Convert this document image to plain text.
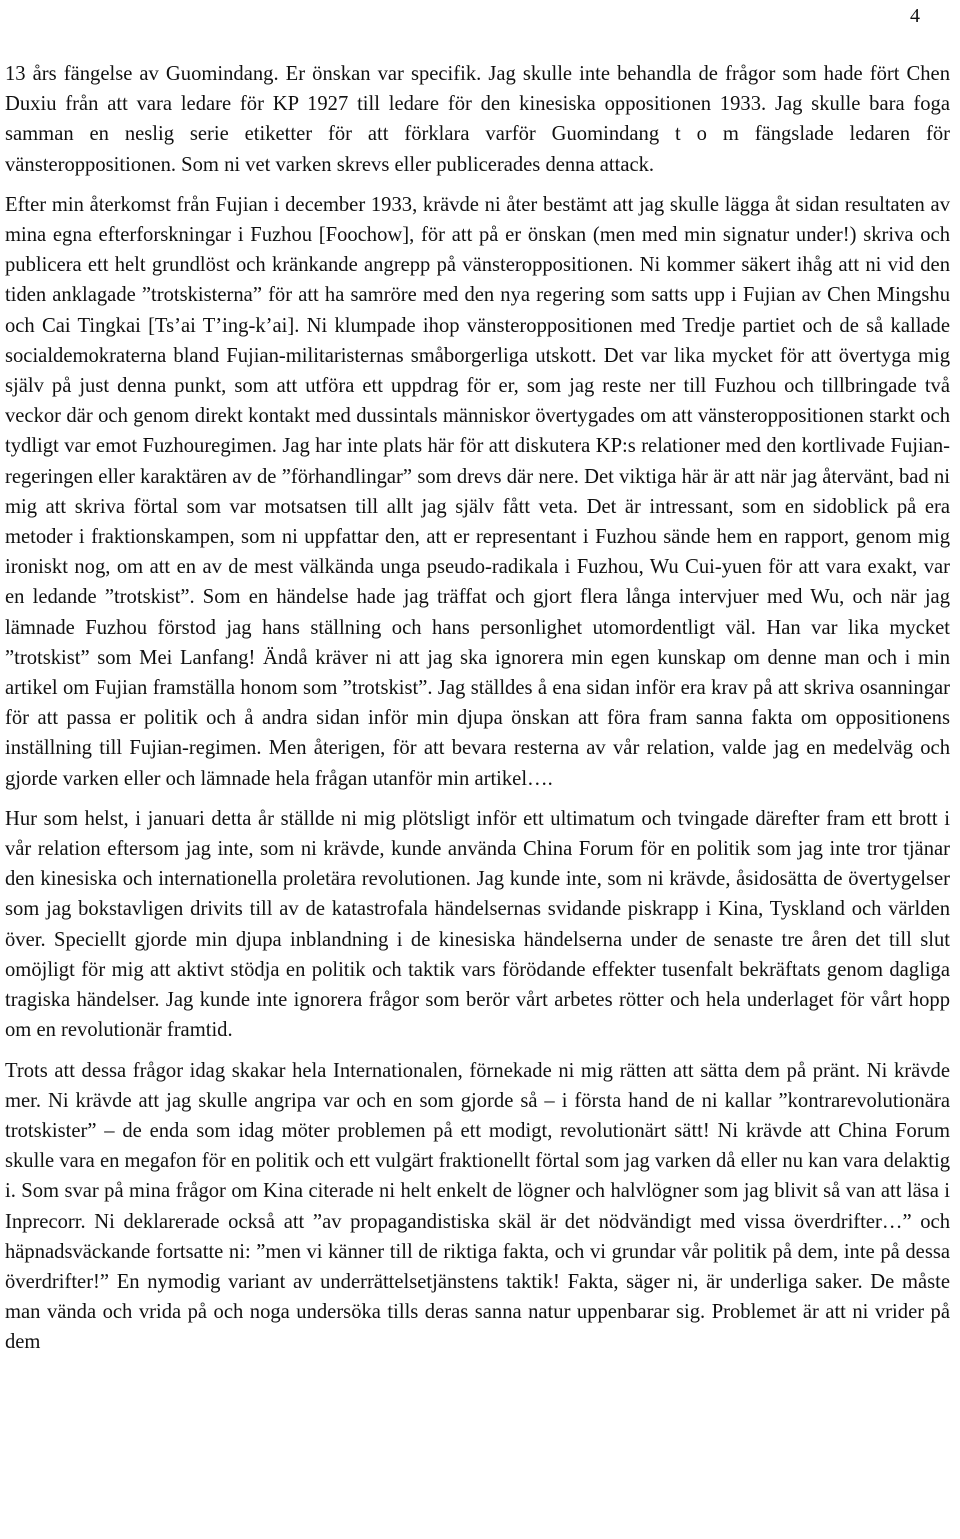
4

13 års fängelse av Guomindang. Er önskan var specifik. Jag skulle inte behandla de frågor som hade fört Chen Duxiu från att vara ledare för KP 1927 till ledare för den kinesiska oppositionen 1933. Jag skulle bara foga samman en neslig serie etiketter för att förklara varför Guomindang t o m fängslade ledaren för vänsteroppositionen. Som ni vet varken skrevs eller publicerades denna attack.

Efter min återkomst från Fujian i december 1933, krävde ni åter bestämt att jag skulle lägga åt sidan resultaten av mina egna efterforskningar i Fuzhou [Foochow], för att på er önskan (men med min signatur under!) skriva och publicera ett helt grundlöst och kränkande angrepp på vänsteroppositionen. Ni kommer säkert ihåg att ni vid den tiden anklagade ”trotskisterna” för att ha samröre med den nya regering som satts upp i Fujian av Chen Mingshu och Cai Tingkai [Ts’ai T’ing-k’ai]. Ni klumpade ihop vänsteroppositionen med Tredje partiet och de så kallade socialdemokraterna bland Fujian-militaristernas småborgerliga utskott. Det var lika mycket för att övertyga mig själv på just denna punkt, som att utföra ett uppdrag för er, som jag reste ner till Fuzhou och tillbringade två veckor där och genom direkt kontakt med dussintals människor övertygades om att vänsteroppositionen starkt och tydligt var emot Fuzhouregimen. Jag har inte plats här för att diskutera KP:s relationer med den kortlivade Fujianregeringen eller karaktären av de ”förhandlingar” som drevs där nere. Det viktiga här är att när jag återvänt, bad ni mig att skriva förtal som var motsatsen till allt jag själv fått veta. Det är intressant, som en sidoblick på era metoder i fraktionskampen, som ni uppfattar den, att er representant i Fuzhou sände hem en rapport, genom mig ironiskt nog, om att en av de mest välkända unga pseudo-radikala i Fuzhou, Wu Cui-yuen för att vara exakt, var en ledande ”trotskist”. Som en händelse hade jag träffat och gjort flera långa intervjuer med Wu, och när jag lämnade Fuzhou förstod jag hans ställning och hans personlighet utomordentligt väl. Han var lika mycket ”trotskist” som Mei Lanfang! Ändå kräver ni att jag ska ignorera min egen kunskap om denne man och i min artikel om Fujian framställa honom som ”trotskist”. Jag ställdes å ena sidan inför era krav på att skriva osanningar för att passa er politik och å andra sidan inför min djupa önskan att föra fram sanna fakta om oppositionens inställning till Fujian-regimen. Men återigen, för att bevara resterna av vår relation, valde jag en medelväg och gjorde varken eller och lämnade hela frågan utanför min artikel….

Hur som helst, i januari detta år ställde ni mig plötsligt inför ett ultimatum och tvingade därefter fram ett brott i vår relation eftersom jag inte, som ni krävde, kunde använda China Forum för en politik som jag inte tror tjänar den kinesiska och internationella proletära revolutionen. Jag kunde inte, som ni krävde, åsidosätta de övertygelser som jag bokstavligen drivits till av de katastrofala händelsernas svidande piskrapp i Kina, Tyskland och världen över. Speciellt gjorde min djupa inblandning i de kinesiska händelserna under de senaste tre åren det till slut omöjligt för mig att aktivt stödja en politik och taktik vars förödande effekter tusenfalt bekräftats genom dagliga tragiska händelser. Jag kunde inte ignorera frågor som berör vårt arbetes rötter och hela underlaget för vårt hopp om en revolutionär framtid.

Trots att dessa frågor idag skakar hela Internationalen, förnekade ni mig rätten att sätta dem på pränt. Ni krävde mer. Ni krävde att jag skulle angripa var och en som gjorde så – i första hand de ni kallar ”kontrarevolutionära trotskister” – de enda som idag möter problemen på ett modigt, revolutionärt sätt! Ni krävde att China Forum skulle vara en megafon för en politik och ett vulgärt fraktionellt förtal som jag varken då eller nu kan vara delaktig i. Som svar på mina frågor om Kina citerade ni helt enkelt de lögner och halvlögner som jag blivit så van att läsa i Inprecorr. Ni deklarerade också att ”av propagandistiska skäl är det nödvändigt med vissa överdrifter…” och häpnadsväckande fortsatte ni: ”men vi känner till de riktiga fakta, och vi grundar vår politik på dem, inte på dessa överdrifter!” En nymodig variant av underrättelsetjänstens taktik! Fakta, säger ni, är underliga saker. De måste man vända och vrida på och noga undersöka tills deras sanna natur uppenbarar sig. Problemet är att ni vrider på dem
